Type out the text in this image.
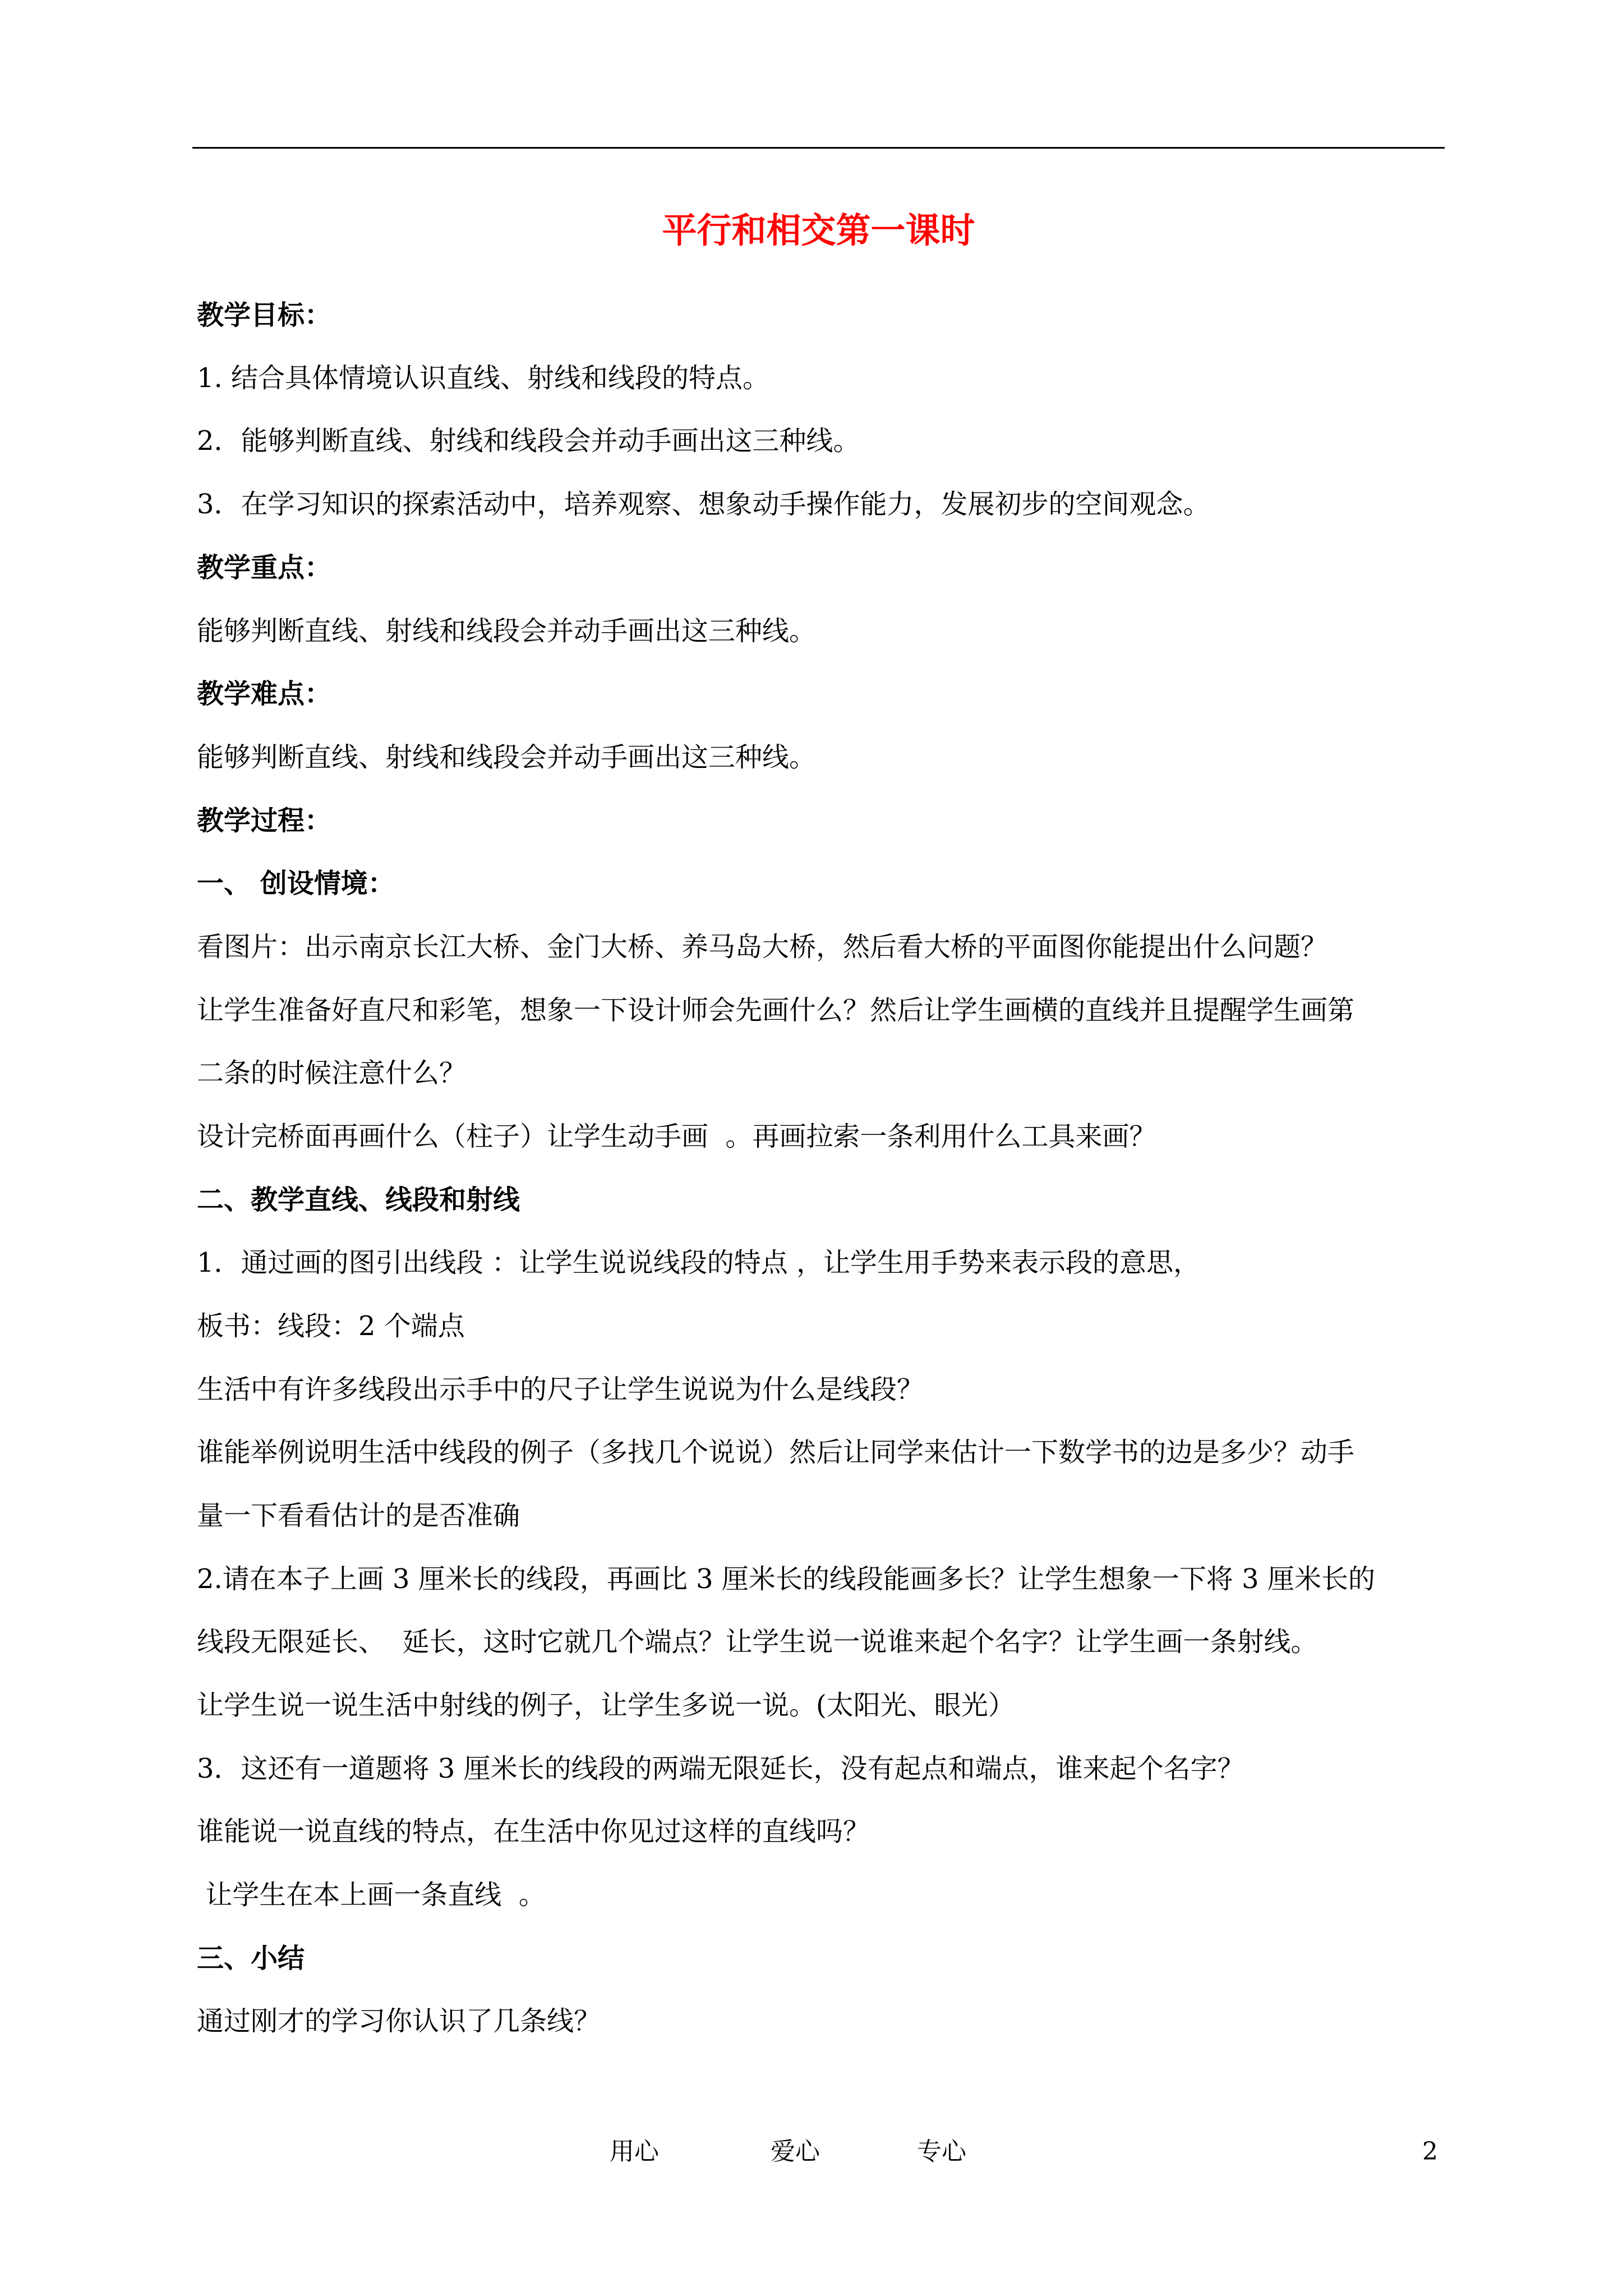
平行和相交第一课时
教学目标：
1. 结合具体情境认识直线、射线和线段的特点。
2．能够判断直线、射线和线段会并动手画出这三种线。
3．在学习知识的探索活动中，培养观察、想象动手操作能力，发展初步的空间观念。
教学重点：
能够判断直线、射线和线段会并动手画出这三种线。
教学难点：
能够判断直线、射线和线段会并动手画出这三种线。
教学过程：
一、 创设情境：
看图片：出示南京长江大桥、金门大桥、养马岛大桥，然后看大桥的平面图你能提出什么问题？
让学生准备好直尺和彩笔，想象一下设计师会先画什么？然后让学生画横的直线并且提醒学生画第
二条的时候注意什么？
设计完桥面再画什么（柱子）让学生动手画  。再画拉索一条利用什么工具来画？
二、教学直线、线段和射线
1．通过画的图引出线段 ：让学生说说线段的特点 ，让学生用手势来表示段的意思，
板书：线段：2 个端点
生活中有许多线段出示手中的尺子让学生说说为什么是线段？
谁能举例说明生活中线段的例子（多找几个说说）然后让同学来估计一下数学书的边是多少？动手
量一下看看估计的是否准确
2.请在本子上画 3 厘米长的线段，再画比 3 厘米长的线段能画多长？让学生想象一下将 3 厘米长的
线段无限延长、  延长，这时它就几个端点？让学生说一说谁来起个名字？让学生画一条射线。
让学生说一说生活中射线的例子，让学生多说一说。(太阳光、眼光）
3．这还有一道题将 3 厘米长的线段的两端无限延长，没有起点和端点，谁来起个名字？
谁能说一说直线的特点，在生活中你见过这样的直线吗？
让学生在本上画一条直线  。
三、小结
通过刚才的学习你认识了几条线？
用心	爱心	专心	2
